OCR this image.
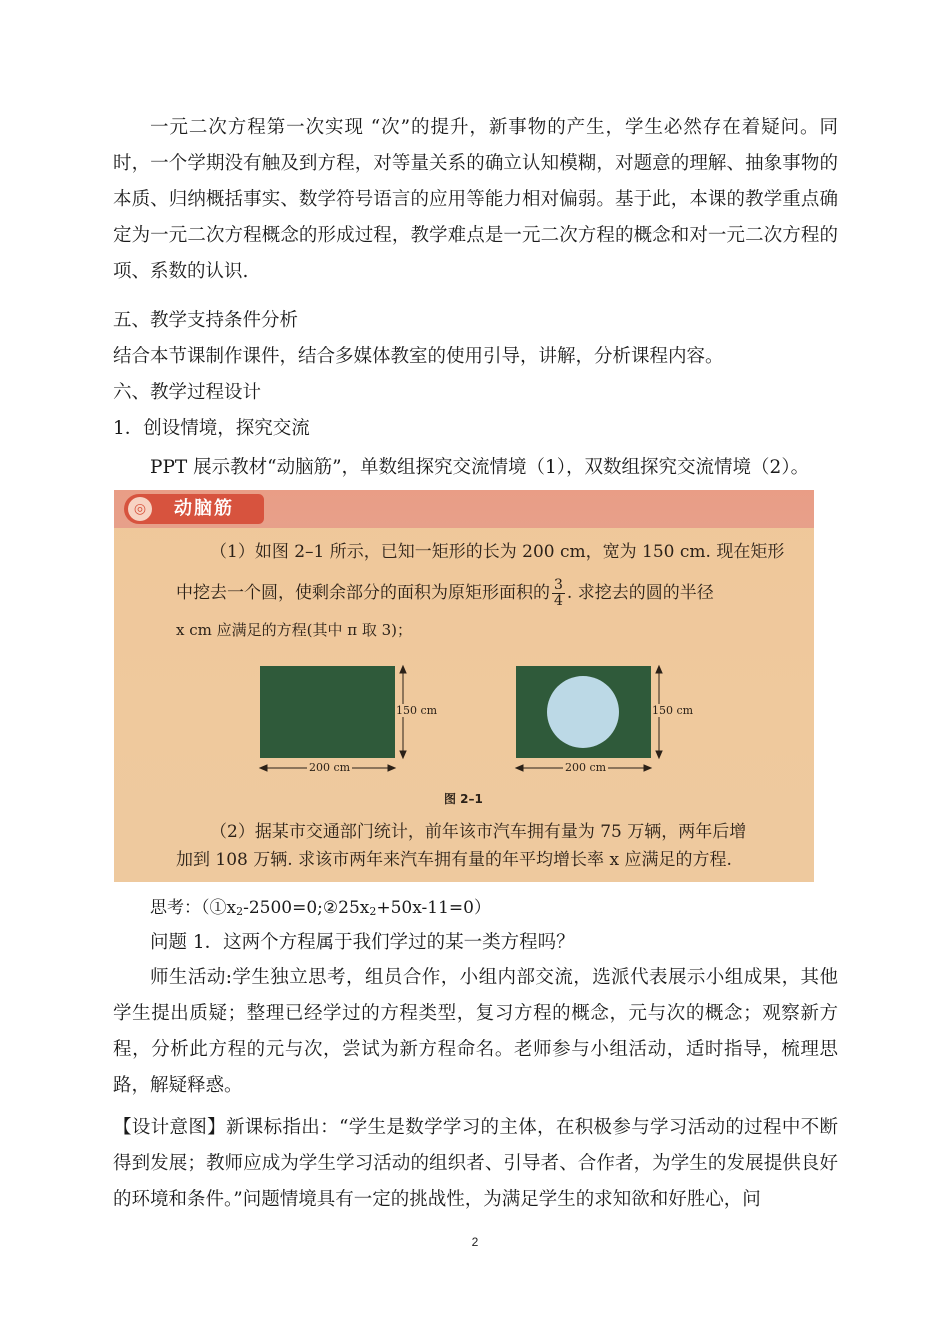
一元二次方程第一次实现 “次”的提升，新事物的产生，学生必然存在着疑问。同时，一个学期没有触及到方程，对等量关系的确立认知模糊，对题意的理解、抽象事物的本质、归纳概括事实、数学符号语言的应用等能力相对偏弱。基于此，本课的教学重点确定为一元二次方程概念的形成过程，教学难点是一元二次方程的概念和对一元二次方程的项、系数的认识.

五、教学支持条件分析

结合本节课制作课件，结合多媒体教室的使用引导，讲解，分析课程内容。

六、教学过程设计

1．创设情境，探究交流

PPT 展示教材“动脑筋”，单数组探究交流情境（1），双数组探究交流情境（2）。

◎	动脑筋
（1）如图 2–1 所示，已知一矩形的长为 200 cm，宽为 150 cm. 现在矩形
中挖去一个圆，使剩余部分的面积为原矩形面积的 $\frac{3}{4}$ . 求挖去的圆的半径
x cm 应满足的方程(其中 π 取 3)；
150 cm
200 cm
150 cm
200 cm
图 2–1
（2）据某市交通部门统计，前年该市汽车拥有量为 75 万辆，两年后增
加到 108 万辆. 求该市两年来汽车拥有量的年平均增长率 x 应满足的方程.

思考：$(①x_2-2500=0;②25x_2+50x-11=0)$

问题 1．这两个方程属于我们学过的某一类方程吗？

师生活动:学生独立思考，组员合作，小组内部交流，选派代表展示小组成果，其他学生提出质疑；整理已经学过的方程类型，复习方程的概念，元与次的概念；观察新方程，分析此方程的元与次，尝试为新方程命名。老师参与小组活动，适时指导，梳理思路，解疑释惑。

【设计意图】新课标指出：“学生是数学学习的主体，在积极参与学习活动的过程中不断得到发展；教师应成为学生学习活动的组织者、引导者、合作者，为学生的发展提供良好的环境和条件。”问题情境具有一定的挑战性，为满足学生的求知欲和好胜心，问

2
